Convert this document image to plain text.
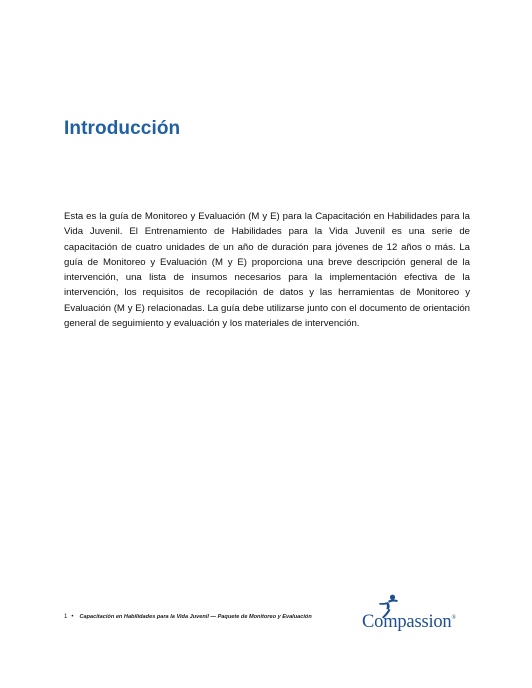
Introducción

Esta es la guía de Monitoreo y Evaluación (M y E) para la Capacitación en Habilidades para la Vida Juvenil. El Entrenamiento de Habilidades para la Vida Juvenil es una serie de capacitación de cuatro unidades de un año de duración para jóvenes de 12 años o más. La guía de Monitoreo y Evaluación (M y E) proporciona una breve descripción general de la intervención, una lista de insumos necesarios para la implementación efectiva de la intervención, los requisitos de recopilación de datos y las herramientas de Monitoreo y Evaluación (M y E) relacionadas. La guía debe utilizarse junto con el documento de orientación general de seguimiento y evaluación y los materiales de intervención.

1 • Capacitación en Habilidades para la Vida Juvenil — Paquete de Monitoreo y Evaluación	Compassion®
